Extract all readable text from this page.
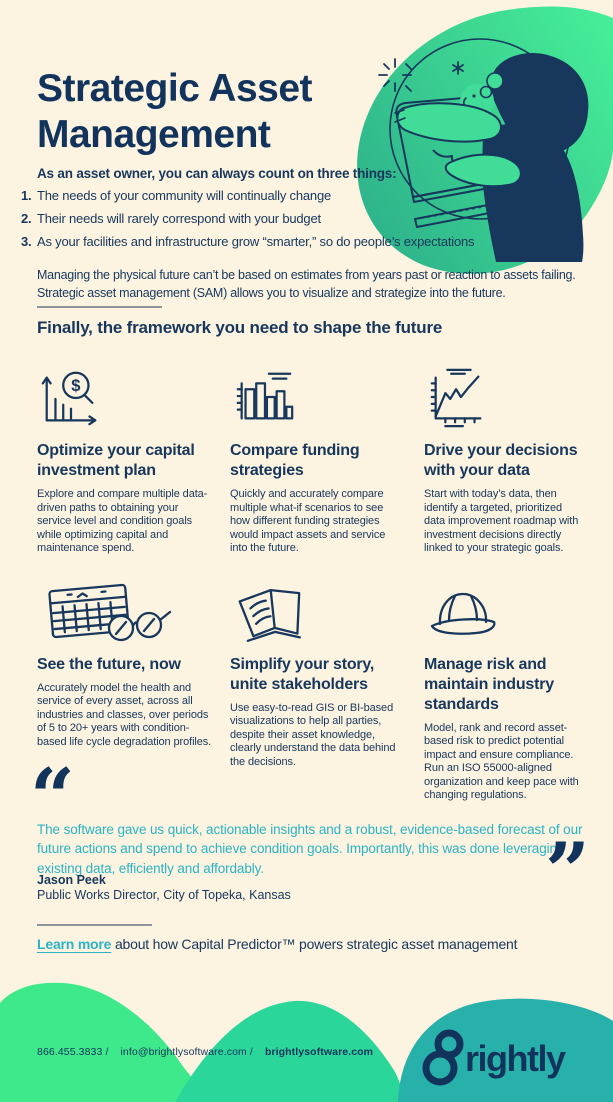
Strategic Asset
Management
As an asset owner, you can always count on three things:
1. The needs of your community will continually change
2. Their needs will rarely correspond with your budget
3. As your facilities and infrastructure grow “smarter,” so do people’s expectations

Managing the physical future can’t be based on estimates from years past or reaction to assets failing. Strategic asset management (SAM) allows you to visualize and strategize into the future.

Finally, the framework you need to shape the future
$
Optimize your capital investment plan

Explore and compare multiple data-driven paths to obtaining your service level and condition goals while optimizing capital and maintenance spend.

Compare funding strategies

Quickly and accurately compare multiple what-if scenarios to see how different funding strategies would impact assets and service into the future.

Drive your decisions with your data

Start with today’s data, then identify a targeted, prioritized data improvement roadmap with investment decisions directly linked to your strategic goals.

See the future, now

Accurately model the health and service of every asset, across all industries and classes, over periods of 5 to 20+ years with condition-based life cycle degradation profiles.

Simplify your story, unite stakeholders

Use easy-to-read GIS or BI-based visualizations to help all parties, despite their asset knowledge, clearly understand the data behind the decisions.

Manage risk and maintain industry standards

Model, rank and record asset-based risk to predict potential impact and ensure compliance. Run an ISO 55000-aligned organization and keep pace with changing regulations.

“

The software gave us quick, actionable insights and a robust, evidence-based forecast of our future actions and spend to achieve condition goals. Importantly, this was done leveraging existing data, efficiently and affordably.

Jason Peek
Public Works Director, City of Topeka, Kansas	”
Learn more about how Capital Predictor™ powers strategic asset management
866.455.3833 / info@brightlysoftware.com / brightlysoftware.com	rightly
